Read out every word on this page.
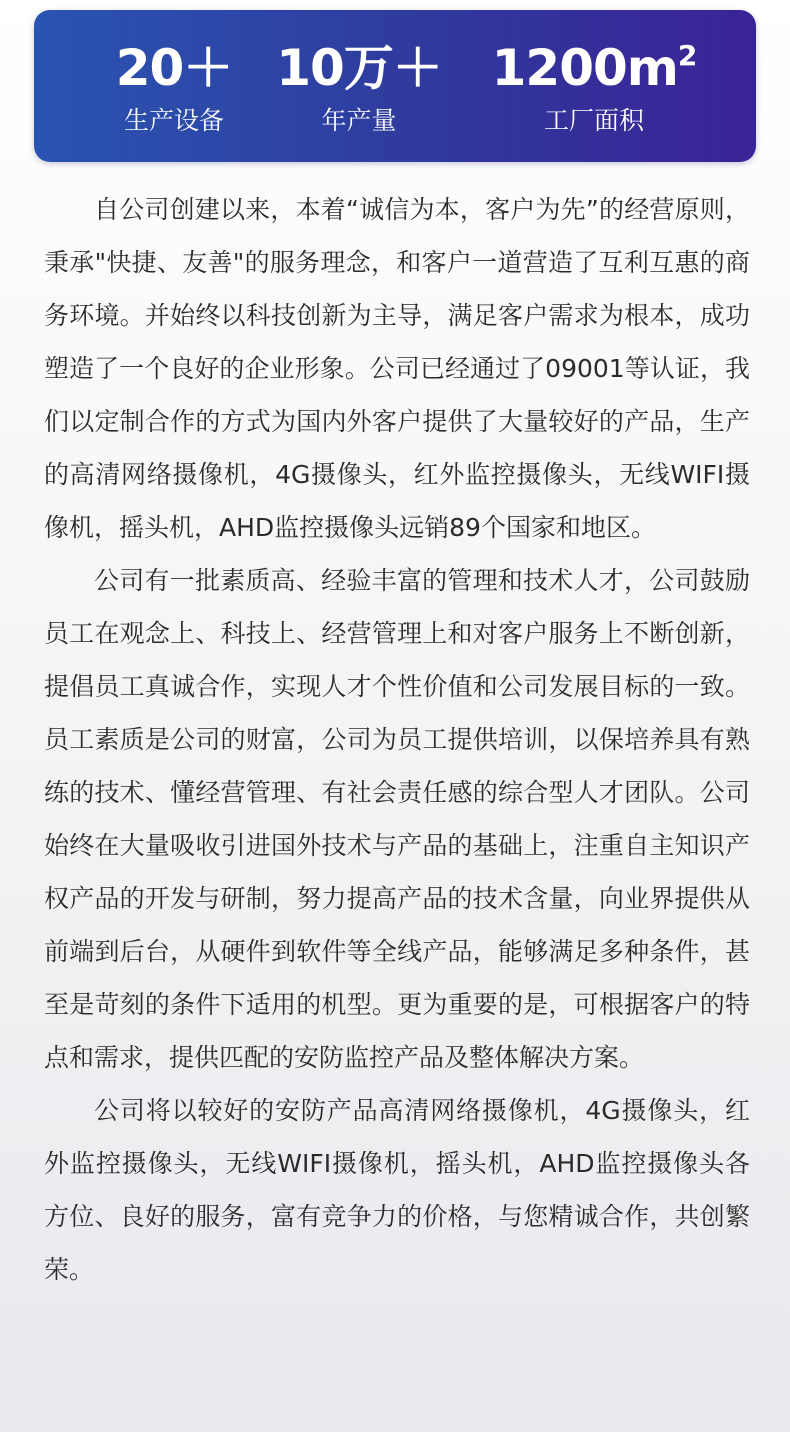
20＋
生产设备
10万＋
年产量
$1200m^2$
工厂面积

自公司创建以来，本着“诚信为本，客户为先”的经营原则，秉承"快捷、友善"的服务理念，和客户一道营造了互利互惠的商务环境。并始终以科技创新为主导，满足客户需求为根本，成功塑造了一个良好的企业形象。公司已经通过了09001等认证，我们以定制合作的方式为国内外客户提供了大量较好的产品，生产的高清网络摄像机，4G摄像头，红外监控摄像头，无线WIFI摄像机，摇头机，AHD监控摄像头远销89个国家和地区。

公司有一批素质高、经验丰富的管理和技术人才，公司鼓励员工在观念上、科技上、经营管理上和对客户服务上不断创新，提倡员工真诚合作，实现人才个性价值和公司发展目标的一致。员工素质是公司的财富，公司为员工提供培训，以保培养具有熟练的技术、懂经营管理、有社会责任感的综合型人才团队。公司始终在大量吸收引进国外技术与产品的基础上，注重自主知识产权产品的开发与研制，努力提高产品的技术含量，向业界提供从前端到后台，从硬件到软件等全线产品，能够满足多种条件，甚至是苛刻的条件下适用的机型。更为重要的是，可根据客户的特点和需求，提供匹配的安防监控产品及整体解决方案。

公司将以较好的安防产品高清网络摄像机，4G摄像头，红外监控摄像头，无线WIFI摄像机，摇头机，AHD监控摄像头各方位、良好的服务，富有竞争力的价格，与您精诚合作，共创繁荣。
